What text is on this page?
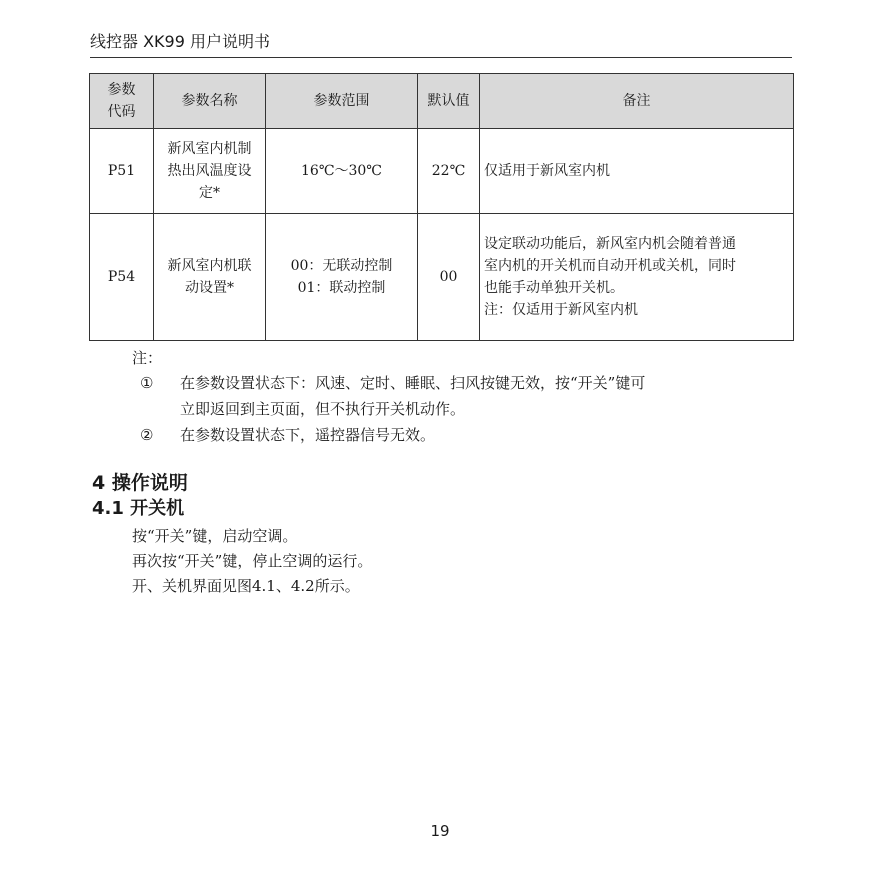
线控器 XK99 用户说明书
参数
代码	参数名称	参数范围	默认值	备注

P51	新风室内机制
热出风温度设
定*	16℃～30℃	22℃	仅适用于新风室内机

P54	新风室内机联
动设置*	00：无联动控制
01：联动控制	00	设定联动功能后，新风室内机会随着普通
室内机的开关机而自动开机或关机，同时
也能手动单独开关机。
注：仅适用于新风室内机
注：
①	在参数设置状态下：风速、定时、睡眠、扫风按键无效，按“开关”键可
立即返回到主页面，但不执行开关机动作。
②	在参数设置状态下，遥控器信号无效。
4 操作说明
4.1 开关机
按“开关”键，启动空调。
再次按“开关”键，停止空调的运行。
开、关机界面见图4.1、4.2所示。
19
